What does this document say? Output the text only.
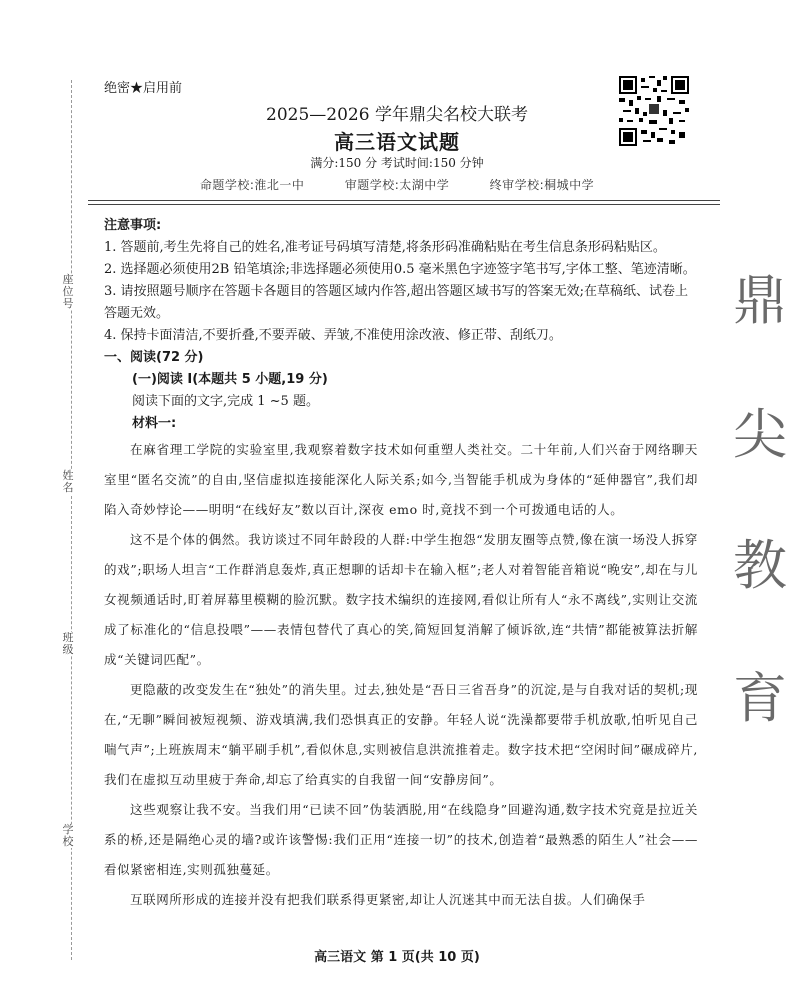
绝密★启用前
2025—2026 学年鼎尖名校大联考
高三语文试题
满分:150 分 考试时间:150 分钟
命题学校:淮北一中	审题学校:太湖中学	终审学校:桐城中学
座位号
姓名
班级
学校
鼎
尖
教
育

注意事项:

1. 答题前,考生先将自己的姓名,准考证号码填写清楚,将条形码准确粘贴在考生信息条形码粘贴区。

2. 选择题必须使用2B 铅笔填涂;非选择题必须使用0.5 毫米黑色字迹签字笔书写,字体工整、笔迹清晰。

3. 请按照题号顺序在答题卡各题目的答题区域内作答,超出答题区域书写的答案无效;在草稿纸、试卷上答题无效。

4. 保持卡面清洁,不要折叠,不要弄破、弄皱,不准使用涂改液、修正带、刮纸刀。

一、阅读(72 分)

(一)阅读 I(本题共 5 小题,19 分)

阅读下面的文字,完成 1 ~5 题。

材料一:

在麻省理工学院的实验室里,我观察着数字技术如何重塑人类社交。二十年前,人们兴奋于网络聊天室里“匿名交流”的自由,坚信虚拟连接能深化人际关系;如今,当智能手机成为身体的“延伸器官”,我们却陷入奇妙悖论——明明“在线好友”数以百计,深夜 emo 时,竟找不到一个可拨通电话的人。

这不是个体的偶然。我访谈过不同年龄段的人群:中学生抱怨“发朋友圈等点赞,像在演一场没人拆穿的戏”;职场人坦言“工作群消息轰炸,真正想聊的话却卡在输入框”;老人对着智能音箱说“晚安”,却在与儿女视频通话时,盯着屏幕里模糊的脸沉默。数字技术编织的连接网,看似让所有人“永不离线”,实则让交流成了标准化的“信息投喂”——表情包替代了真心的笑,简短回复消解了倾诉欲,连“共情”都能被算法折解成“关键词匹配”。

更隐蔽的改变发生在“独处”的消失里。过去,独处是“吾日三省吾身”的沉淀,是与自我对话的契机;现在,“无聊”瞬间被短视频、游戏填满,我们恐惧真正的安静。年轻人说“洗澡都要带手机放歌,怕听见自己喘气声”;上班族周末“躺平刷手机”,看似休息,实则被信息洪流推着走。数字技术把“空闲时间”碾成碎片,我们在虚拟互动里疲于奔命,却忘了给真实的自我留一间“安静房间”。

这些观察让我不安。当我们用“已读不回”伪装洒脱,用“在线隐身”回避沟通,数字技术究竟是拉近关系的桥,还是隔绝心灵的墙?或许该警惕:我们正用“连接一切”的技术,创造着“最熟悉的陌生人”社会——看似紧密相连,实则孤独蔓延。

互联网所形成的连接并没有把我们联系得更紧密,却让人沉迷其中而无法自拔。人们确保手

高三语文 第 1 页(共 10 页)
